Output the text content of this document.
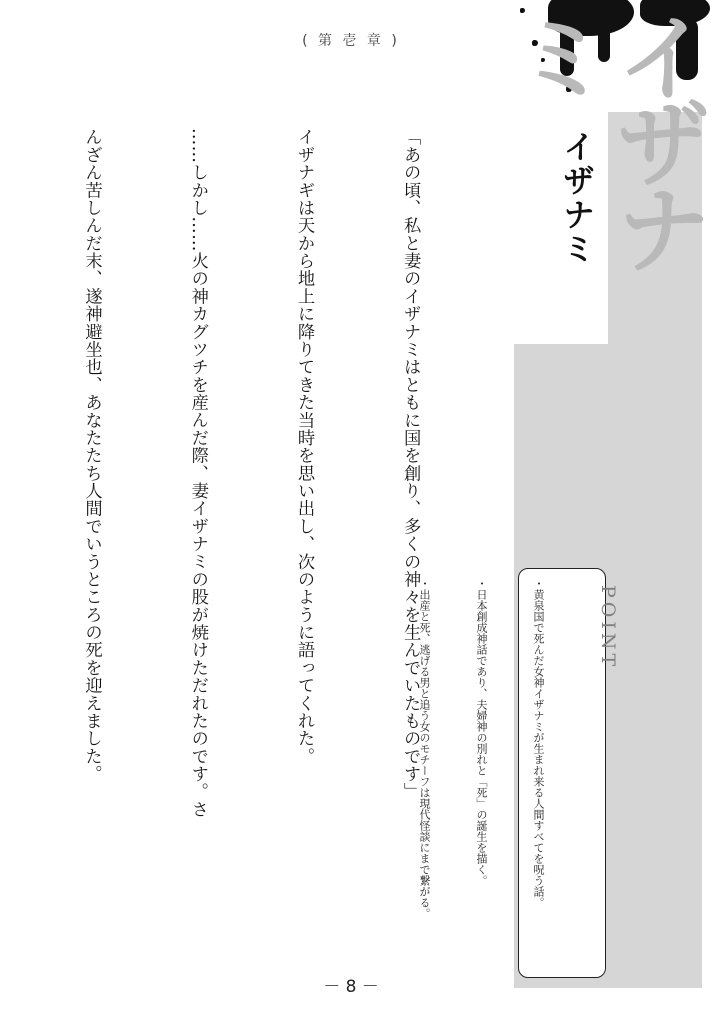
イザナミ
( 第 壱 章 )
イザナミ

「あの頃、私と妻のイザナミはともに国を創り、多くの神々を生んでいたものです」

イザナギは天から地上に降りてきた当時を思い出し、次のように語ってくれた。

……しかし……火の神カグツチを産んだ際、妻イザナミの股が焼けただれたのです。さ

んざん苦しんだ末、遂神避坐也、あなたたち人間でいうところの死を迎えました。

	POINT

・黄泉国で死んだ女神イザナミが生まれ来る人間すべてを呪う話。

・日本創成神話であり、夫婦神の別れと「死」の誕生を描く。

・出産と死、逃げる男と追う女のモチーフは現代怪談にまで繋がる。

－ 8 －
